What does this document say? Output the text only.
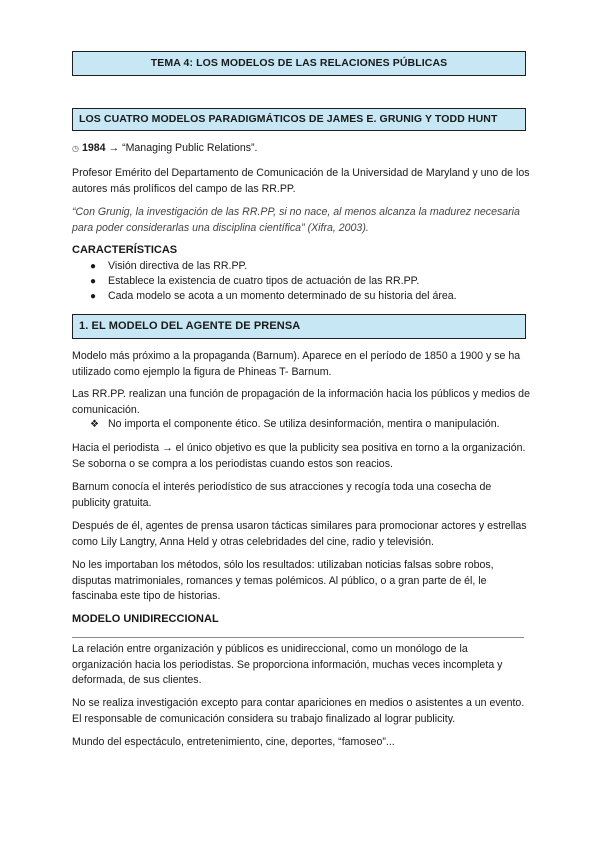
TEMA 4: LOS MODELOS DE LAS RELACIONES PÚBLICAS
LOS CUATRO MODELOS PARADIGMÁTICOS DE JAMES E. GRUNIG Y TODD HUNT

◷ 1984 → “Managing Public Relations”.

Profesor Emérito del Departamento de Comunicación de la Universidad de Maryland y uno de los autores más prolíficos del campo de las RR.PP.

“Con Grunig, la investigación de las RR.PP, si no nace, al menos alcanza la madurez necesaria para poder considerarlas una disciplina científica” (Xifra, 2003).

CARACTERÍSTICAS

● Visión directiva de las RR.PP.
● Establece la existencia de cuatro tipos de actuación de las RR.PP.
● Cada modelo se acota a un momento determinado de su historia del área.
1. EL MODELO DEL AGENTE DE PRENSA

Modelo más próximo a la propaganda (Barnum). Aparece en el período de 1850 a 1900 y se ha utilizado como ejemplo la figura de Phineas T- Barnum.

Las RR.PP. realizan una función de propagación de la información hacia los públicos y medios de comunicación.

❖ No importa el componente ético. Se utiliza desinformación, mentira o manipulación.

Hacia el periodista → el único objetivo es que la publicity sea positiva en torno a la organización. Se soborna o se compra a los periodistas cuando estos son reacios.

Barnum conocía el interés periodístico de sus atracciones y recogía toda una cosecha de publicity gratuita.

Después de él, agentes de prensa usaron tácticas similares para promocionar actores y estrellas como Lily Langtry, Anna Held y otras celebridades del cine, radio y televisión.

No les importaban los métodos, sólo los resultados: utilizaban noticias falsas sobre robos, disputas matrimoniales, romances y temas polémicos. Al público, o a gran parte de él, le fascinaba este tipo de historias.

MODELO UNIDIRECCIONAL

La relación entre organización y públicos es unidireccional, como un monólogo de la organización hacia los periodistas. Se proporciona información, muchas veces incompleta y deformada, de sus clientes.

No se realiza investigación excepto para contar apariciones en medios o asistentes a un evento. El responsable de comunicación considera su trabajo finalizado al lograr publicity.

Mundo del espectáculo, entretenimiento, cine, deportes, “famoseo”...
